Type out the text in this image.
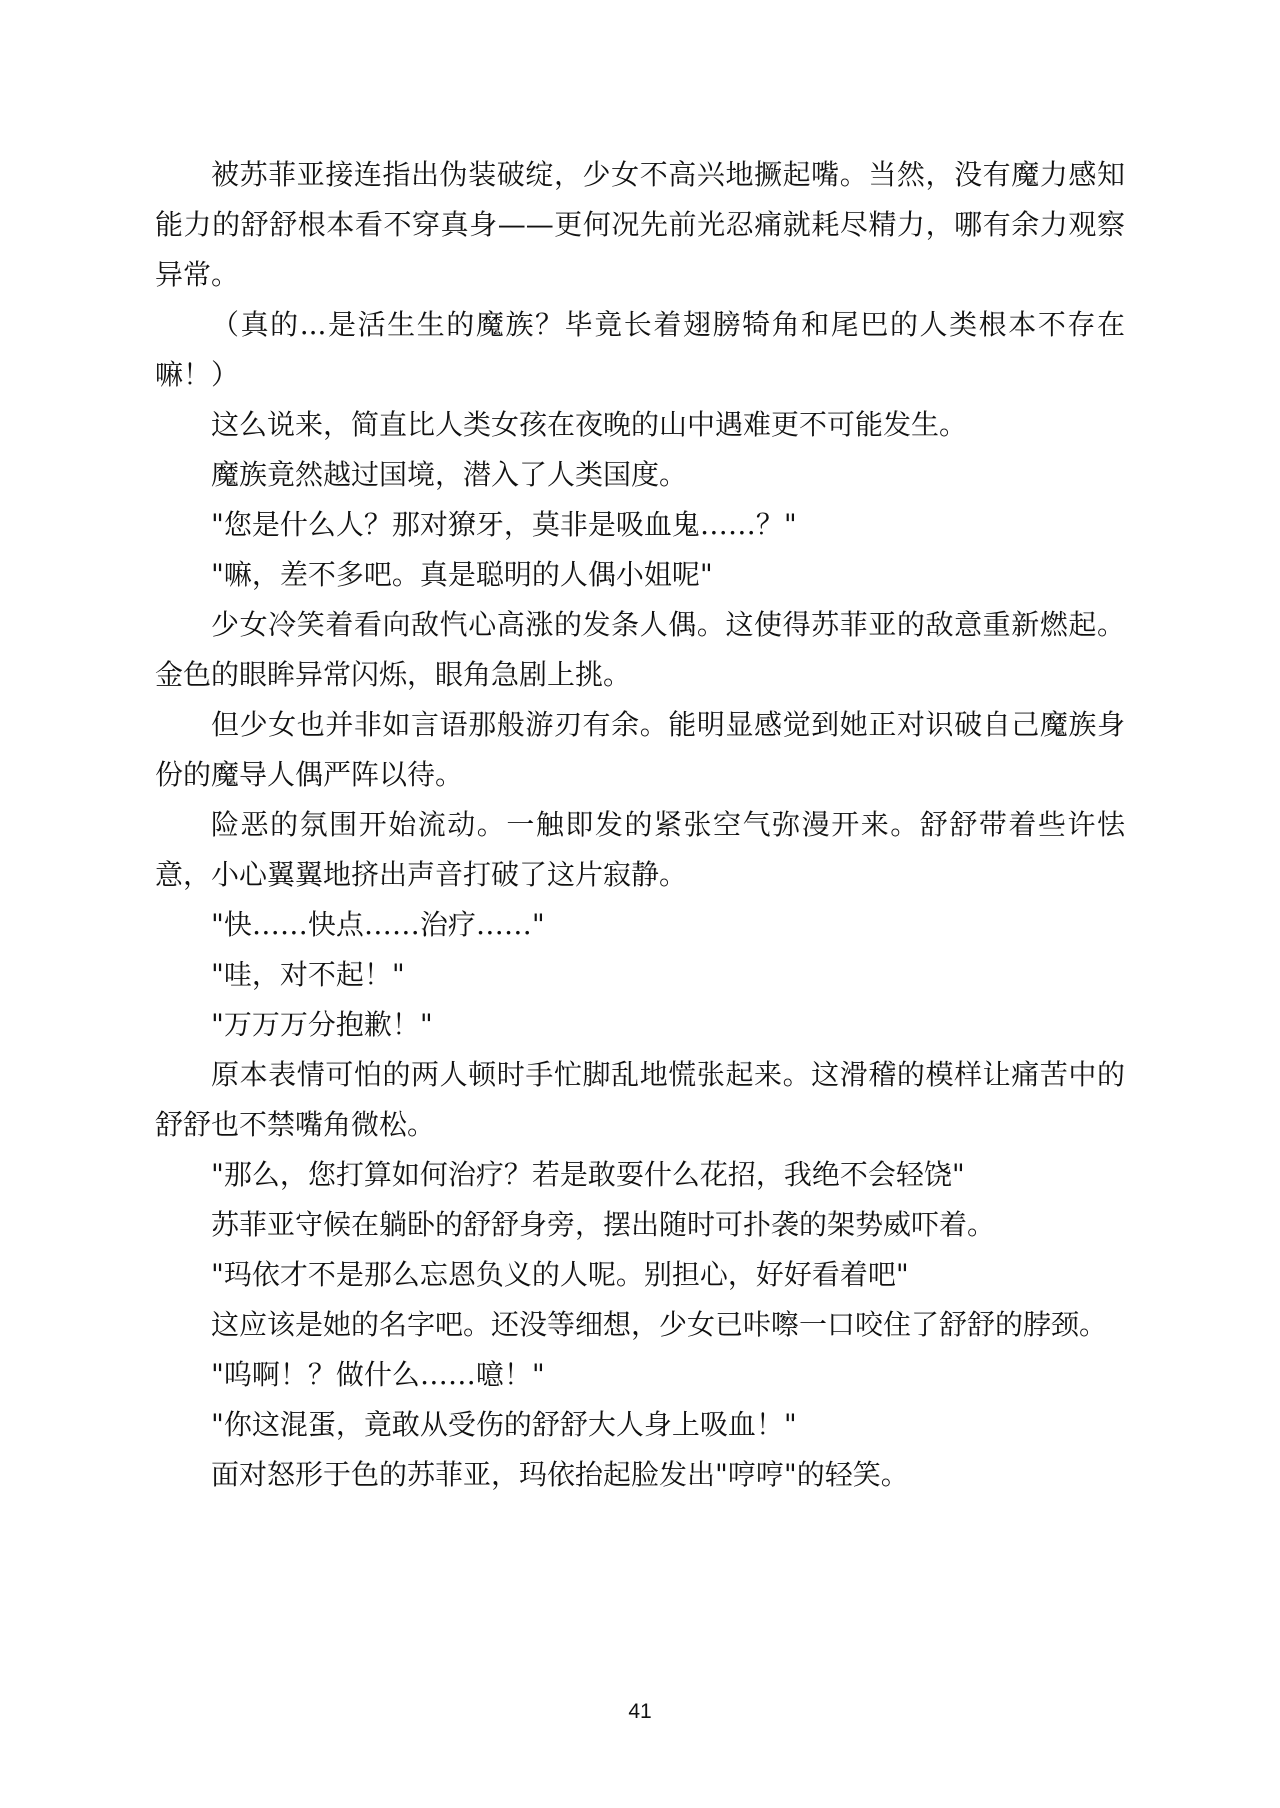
被苏菲亚接连指出伪装破绽，少女不高兴地撅起嘴。当然，没有魔力感知能力的舒舒根本看不穿真身——更何况先前光忍痛就耗尽精力，哪有余力观察异常。

（真的...是活生生的魔族？毕竟长着翅膀犄角和尾巴的人类根本不存在嘛！）

这么说来，简直比人类女孩在夜晚的山中遇难更不可能发生。

魔族竟然越过国境，潜入了人类国度。

"您是什么人？那对獠牙，莫非是吸血鬼……？"

"嘛，差不多吧。真是聪明的人偶小姐呢"

少女冷笑着看向敌忾心高涨的发条人偶。这使得苏菲亚的敌意重新燃起。金色的眼眸异常闪烁，眼角急剧上挑。

但少女也并非如言语那般游刃有余。能明显感觉到她正对识破自己魔族身份的魔导人偶严阵以待。

险恶的氛围开始流动。一触即发的紧张空气弥漫开来。舒舒带着些许怯意，小心翼翼地挤出声音打破了这片寂静。

"快……快点……治疗……"

"哇，对不起！"

"万万万分抱歉！"

原本表情可怕的两人顿时手忙脚乱地慌张起来。这滑稽的模样让痛苦中的舒舒也不禁嘴角微松。

"那么，您打算如何治疗？若是敢耍什么花招，我绝不会轻饶"

苏菲亚守候在躺卧的舒舒身旁，摆出随时可扑袭的架势威吓着。

"玛依才不是那么忘恩负义的人呢。别担心，好好看着吧"

这应该是她的名字吧。还没等细想，少女已咔嚓一口咬住了舒舒的脖颈。

"呜啊！？做什么……噫！"

"你这混蛋，竟敢从受伤的舒舒大人身上吸血！"

面对怒形于色的苏菲亚，玛依抬起脸发出"哼哼"的轻笑。

41
